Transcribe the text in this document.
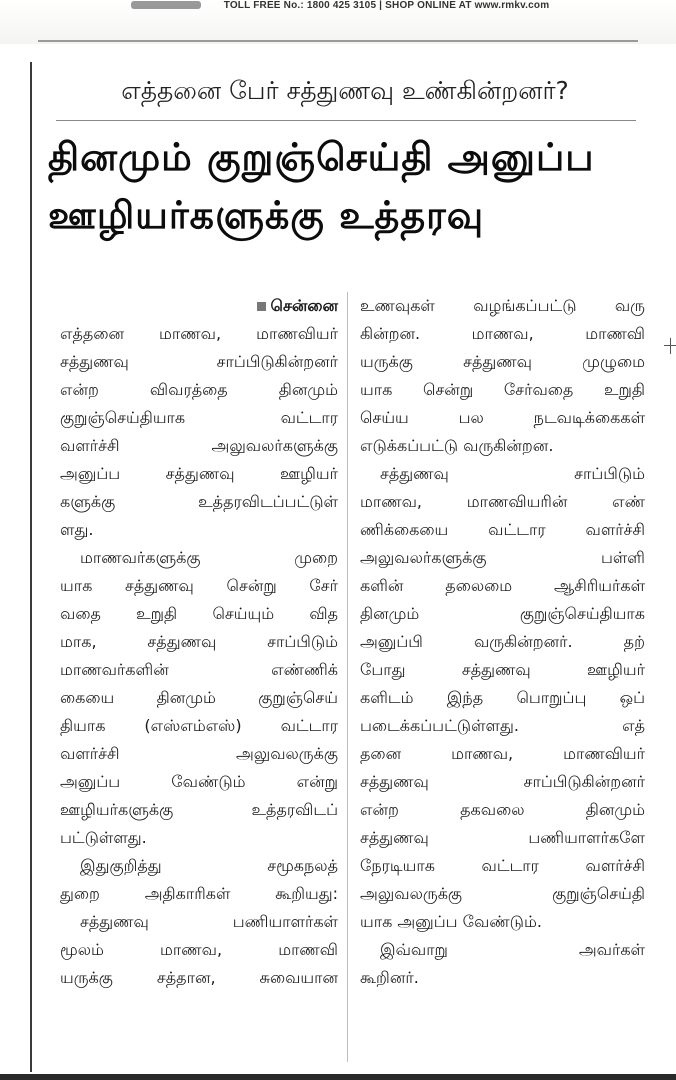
TOLL FREE No.: 1800 425 3105 | SHOP ONLINE AT www.rmkv.com
எத்தனை பேர் சத்துணவு உண்கின்றனர்?
தினமும் குறுஞ்செய்தி அனுப்ப
ஊழியர்களுக்கு உத்தரவு
சென்னை
எத்தனை மாணவ, மாணவியர்
சத்துணவு சாப்பிடுகின்றனர்
என்ற விவரத்தை தினமும்
குறுஞ்செய்தியாக வட்டார
வளர்ச்சி அலுவலர்களுக்கு
அனுப்ப சத்துணவு ஊழியர்
களுக்கு உத்தரவிடப்பட்டுள்
ளது.
மாணவர்களுக்கு முறை
யாக சத்துணவு சென்று சேர்
வதை உறுதி செய்யும் வித
மாக, சத்துணவு சாப்பிடும்
மாணவர்களின் எண்ணிக்
கையை தினமும் குறுஞ்செய்
தியாக (எஸ்எம்எஸ்) வட்டார
வளர்ச்சி அலுவலருக்கு
அனுப்ப வேண்டும் என்று
ஊழியர்களுக்கு உத்தரவிடப்
பட்டுள்ளது.
இதுகுறித்து சமூகநலத்
துறை அதிகாரிகள் கூறியது:
சத்துணவு பணியாளர்கள்
மூலம் மாணவ, மாணவி
யருக்கு சத்தான, சுவையான
உணவுகள் வழங்கப்பட்டு வரு
கின்றன. மாணவ, மாணவி
யருக்கு சத்துணவு முழுமை
யாக சென்று சேர்வதை உறுதி
செய்ய பல நடவடிக்கைகள்
எடுக்கப்பட்டு வருகின்றன.
சத்துணவு சாப்பிடும்
மாணவ, மாணவியரின் எண்
ணிக்கையை வட்டார வளர்ச்சி
அலுவலர்களுக்கு பள்ளி
களின் தலைமை ஆசிரியர்கள்
தினமும் குறுஞ்செய்தியாக
அனுப்பி வருகின்றனர். தற்
போது சத்துணவு ஊழியர்
களிடம் இந்த பொறுப்பு ஒப்
படைக்கப்பட்டுள்ளது. எத்
தனை மாணவ, மாணவியர்
சத்துணவு சாப்பிடுகின்றனர்
என்ற தகவலை தினமும்
சத்துணவு பணியாளர்களே
நேரடியாக வட்டார வளர்ச்சி
அலுவலருக்கு குறுஞ்செய்தி
யாக அனுப்ப வேண்டும்.
இவ்வாறு அவர்கள்
கூறினர்.
